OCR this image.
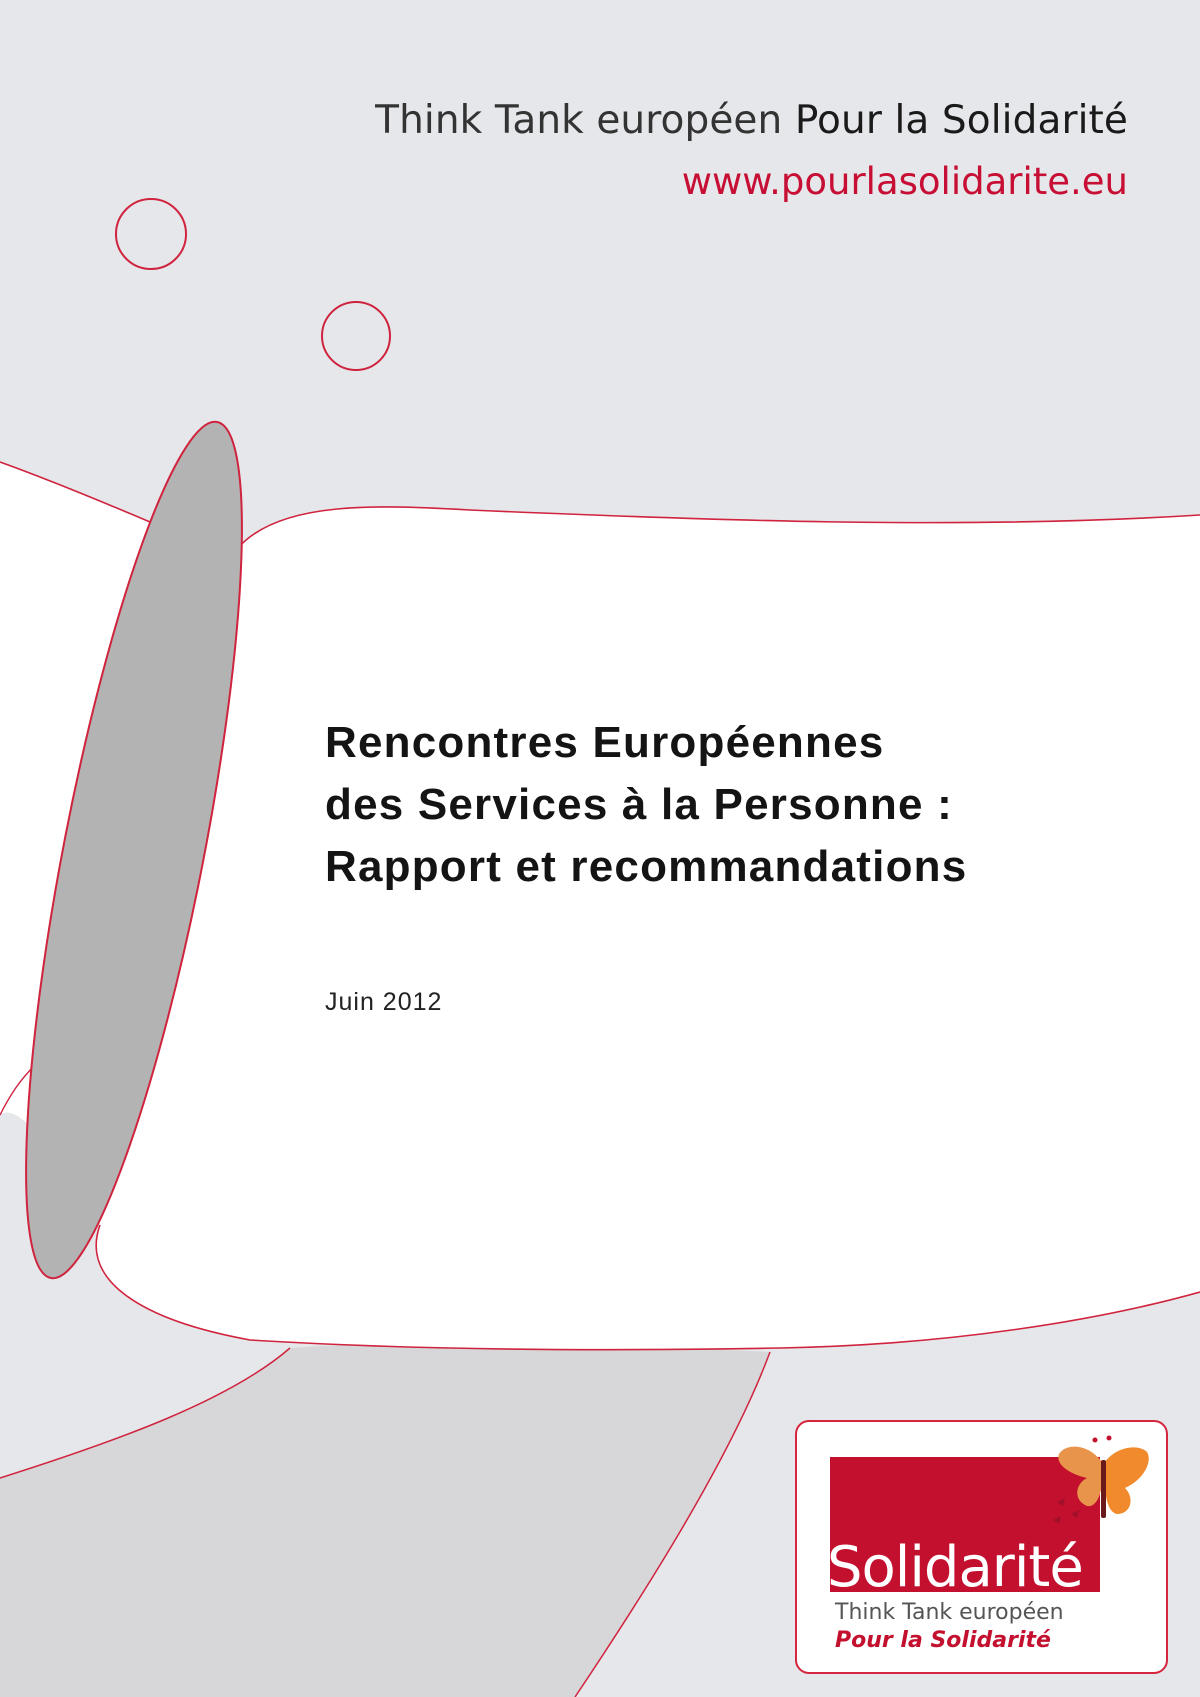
Think Tank européen Pour la Solidarité

www.pourlasolidarite.eu

Rencontres Européennes
des Services à la Personne :
Rapport et recommandations

Juin 2012

Solidarité

Think Tank européen

Pour la Solidarité
